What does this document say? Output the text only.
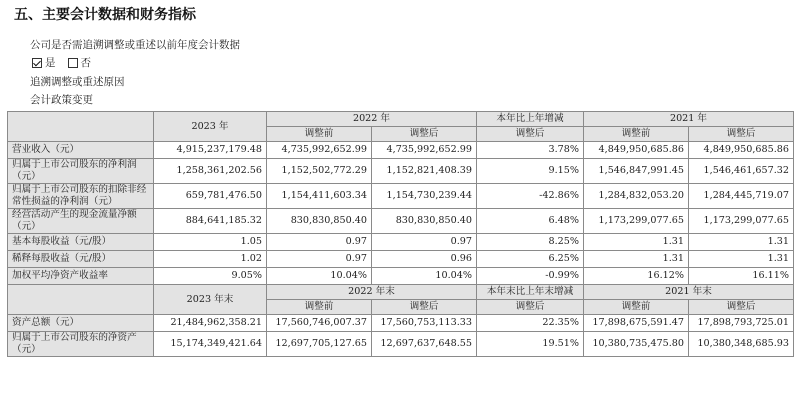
五、主要会计数据和财务指标
公司是否需追溯调整或重述以前年度会计数据
是
否
追溯调整或重述原因
会计政策变更
	2023 年	2022 年		本年比上年增减	2021 年	
		调整前	调整后	调整后	调整前	调整后
营业收入（元）	4,915,237,179.48	4,735,992,652.99	4,735,992,652.99	3.78%	4,849,950,685.86	4,849,950,685.86
归属于上市公司股东的净利润（元）	1,258,361,202.56	1,152,502,772.29	1,152,821,408.39	9.15%	1,546,847,991.45	1,546,461,657.32
归属于上市公司股东的扣除非经常性损益的净利润（元）	659,781,476.50	1,154,411,603.34	1,154,730,239.44	-42.86%	1,284,832,053.20	1,284,445,719.07
经营活动产生的现金流量净额（元）	884,641,185.32	830,830,850.40	830,830,850.40	6.48%	1,173,299,077.65	1,173,299,077.65
基本每股收益（元/股）	1.05	0.97	0.97	8.25%	1.31	1.31
稀释每股收益（元/股）	1.02	0.97	0.96	6.25%	1.31	1.31
加权平均净资产收益率	9.05%	10.04%	10.04%	-0.99%	16.12%	16.11%
	2023 年末	2022 年末		本年末比上年末增减	2021 年末	
		调整前	调整后	调整后	调整前	调整后
资产总额（元）	21,484,962,358.21	17,560,746,007.37	17,560,753,113.33	22.35%	17,898,675,591.47	17,898,793,725.01
归属于上市公司股东的净资产（元）	15,174,349,421.64	12,697,705,127.65	12,697,637,648.55	19.51%	10,380,735,475.80	10,380,348,685.93
